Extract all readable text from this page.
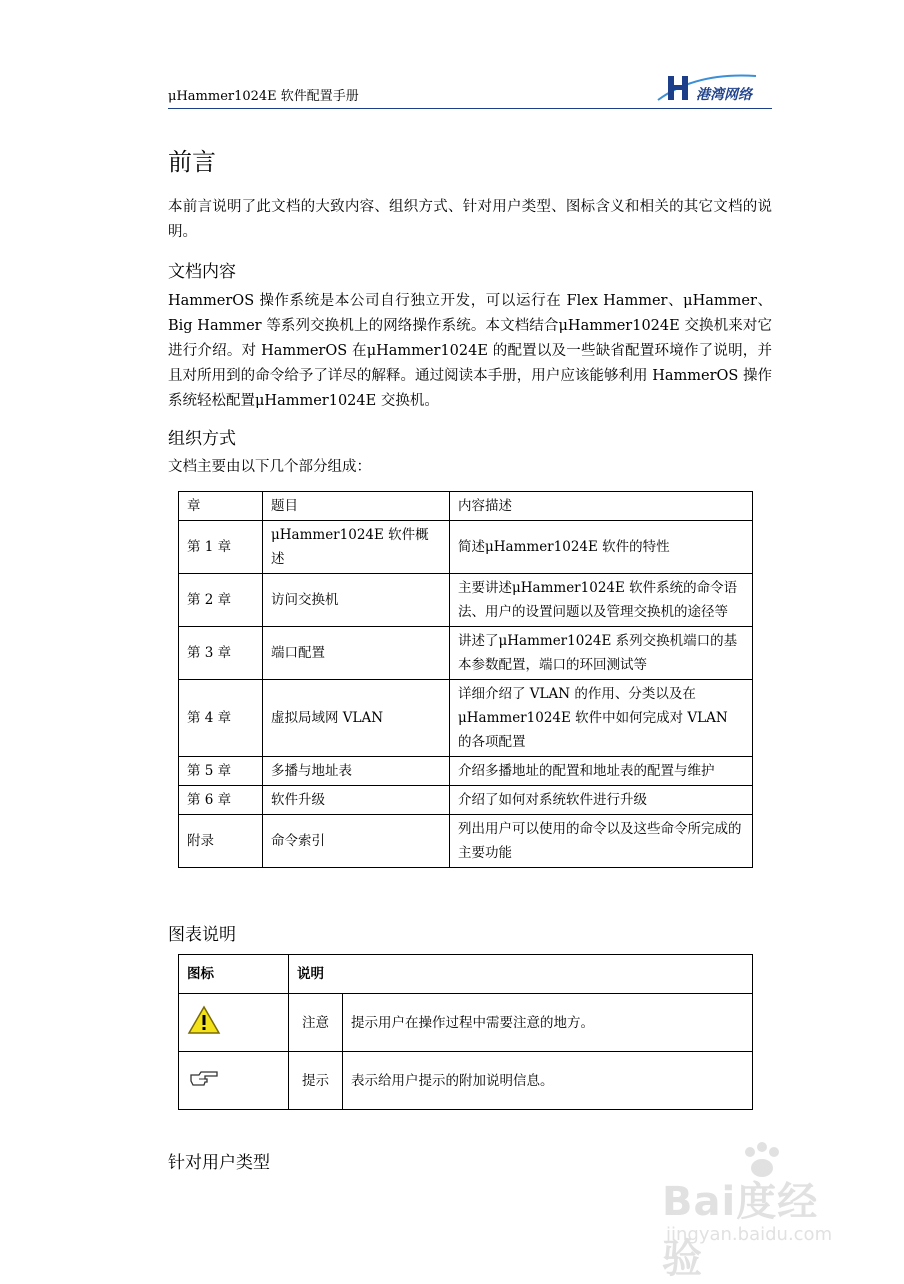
μHammer1024E 软件配置手册	港湾网络
前言

本前言说明了此文档的大致内容、组织方式、针对用户类型、图标含义和相关的其它文档的说明。

文档内容

HammerOS 操作系统是本公司自行独立开发，可以运行在 Flex Hammer、μHammer、Big Hammer 等系列交换机上的网络操作系统。本文档结合μHammer1024E 交换机来对它进行介绍。对 HammerOS 在μHammer1024E 的配置以及一些缺省配置环境作了说明，并且对所用到的命令给予了详尽的解释。通过阅读本手册，用户应该能够利用 HammerOS 操作系统轻松配置μHammer1024E 交换机。

组织方式

文档主要由以下几个部分组成：

章	题目	内容描述
第 1 章	μHammer1024E 软件概述	简述μHammer1024E 软件的特性
第 2 章	访问交换机	主要讲述μHammer1024E 软件系统的命令语法、用户的设置问题以及管理交换机的途径等
第 3 章	端口配置	讲述了μHammer1024E 系列交换机端口的基本参数配置，端口的环回测试等
第 4 章	虚拟局域网 VLAN	详细介绍了 VLAN 的作用、分类以及在μHammer1024E 软件中如何完成对 VLAN 的各项配置
第 5 章	多播与地址表	介绍多播地址的配置和地址表的配置与维护
第 6 章	软件升级	介绍了如何对系统软件进行升级
附录	命令索引	列出用户可以使用的命令以及这些命令所完成的主要功能
图表说明
图标	说明	
	注意	提示用户在操作过程中需要注意的地方。
	提示	表示给用户提示的附加说明信息。
针对用户类型
Bai度经验
jingyan.baidu.com
